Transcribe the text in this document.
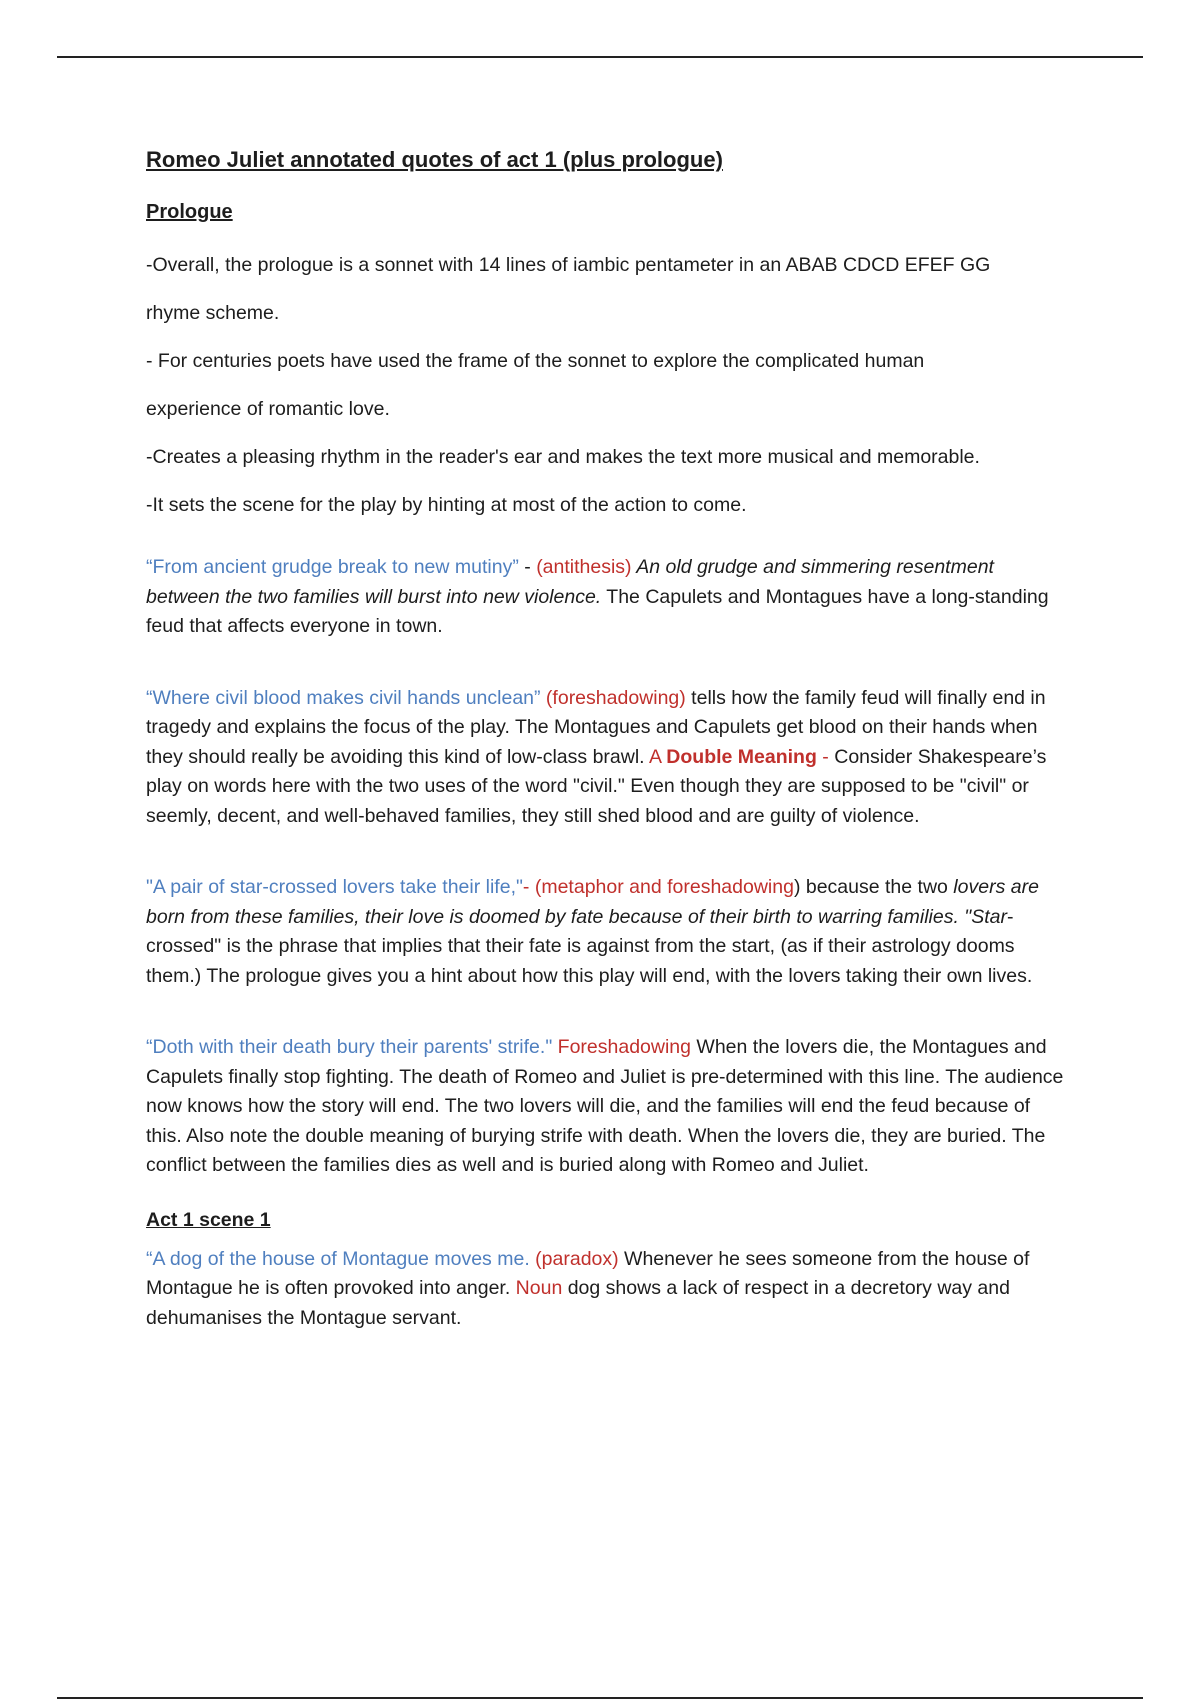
Romeo Juliet annotated quotes of act 1 (plus prologue)
Prologue

-Overall, the prologue is a sonnet with 14 lines of iambic pentameter in an ABAB CDCD EFEF GG

rhyme scheme.

- For centuries poets have used the frame of the sonnet to explore the complicated human

experience of romantic love.

-Creates a pleasing rhythm in the reader's ear and makes the text more musical and memorable.

-It sets the scene for the play by hinting at most of the action to come.

“From ancient grudge break to new mutiny” - (antithesis) An old grudge and simmering resentment between the two families will burst into new violence. The Capulets and Montagues have a long-standing feud that affects everyone in town.

“Where civil blood makes civil hands unclean” (foreshadowing) tells how the family feud will finally end in tragedy and explains the focus of the play. The Montagues and Capulets get blood on their hands when they should really be avoiding this kind of low-class brawl. A Double Meaning - Consider Shakespeare’s play on words here with the two uses of the word "civil." Even though they are supposed to be "civil" or seemly, decent, and well-behaved families, they still shed blood and are guilty of violence.

"A pair of star-crossed lovers take their life,"- (metaphor and foreshadowing) because the two lovers are born from these families, their love is doomed by fate because of their birth to warring families. "Star-crossed" is the phrase that implies that their fate is against from the start, (as if their astrology dooms them.) The prologue gives you a hint about how this play will end, with the lovers taking their own lives.

“Doth with their death bury their parents' strife." Foreshadowing When the lovers die, the Montagues and Capulets finally stop fighting. The death of Romeo and Juliet is pre-determined with this line. The audience now knows how the story will end. The two lovers will die, and the families will end the feud because of this. Also note the double meaning of burying strife with death. When the lovers die, they are buried. The conflict between the families dies as well and is buried along with Romeo and Juliet.

Act 1 scene 1

“A dog of the house of Montague moves me. (paradox) Whenever he sees someone from the house of Montague he is often provoked into anger. Noun dog shows a lack of respect in a decretory way and dehumanises the Montague servant.
